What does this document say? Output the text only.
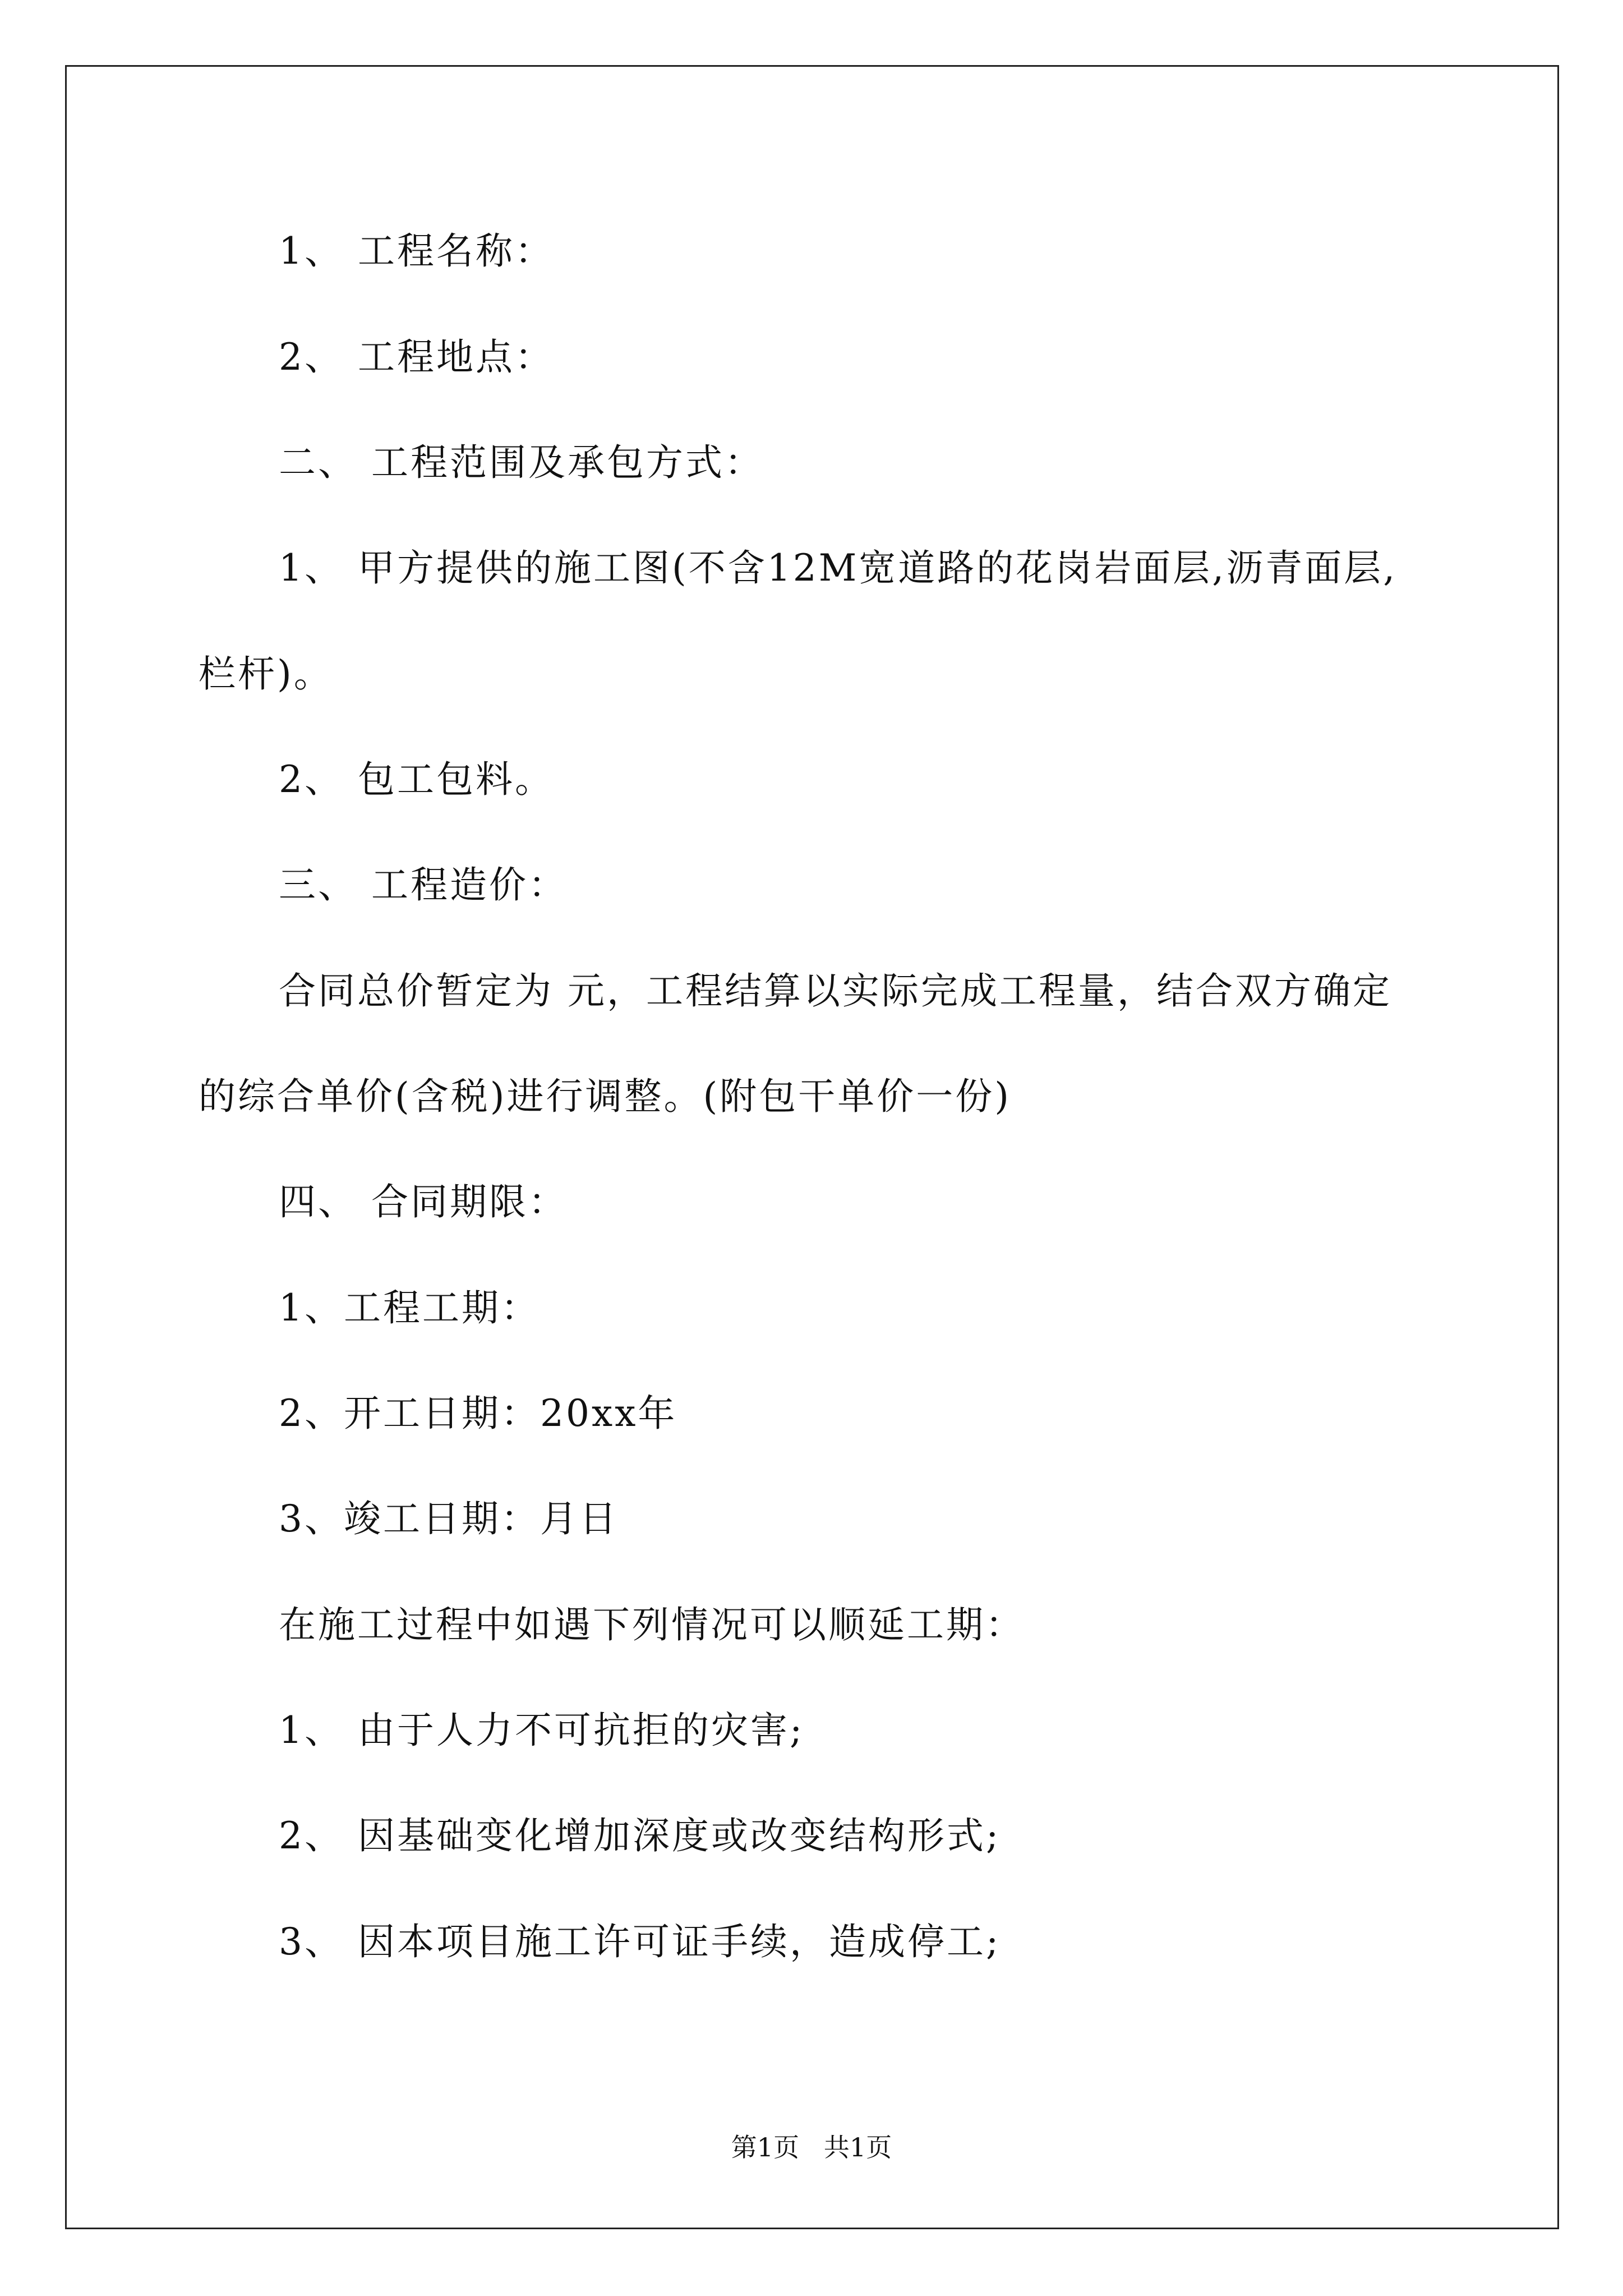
1、 工程名称：
2、 工程地点：
二、 工程范围及承包方式：
1、 甲方提供的施工图(不含12M宽道路的花岗岩面层,沥青面层,
栏杆)。
2、 包工包料。
三、 工程造价：
合同总价暂定为 元，工程结算以实际完成工程量，结合双方确定
的综合单价(含税)进行调整。(附包干单价一份)
四、 合同期限：
1、工程工期：
2、开工日期：20xx年
3、竣工日期：月日
在施工过程中如遇下列情况可以顺延工期：
1、 由于人力不可抗拒的灾害;
2、 因基础变化增加深度或改变结构形式;
3、 因本项目施工许可证手续，造成停工;
第1页   共1页
